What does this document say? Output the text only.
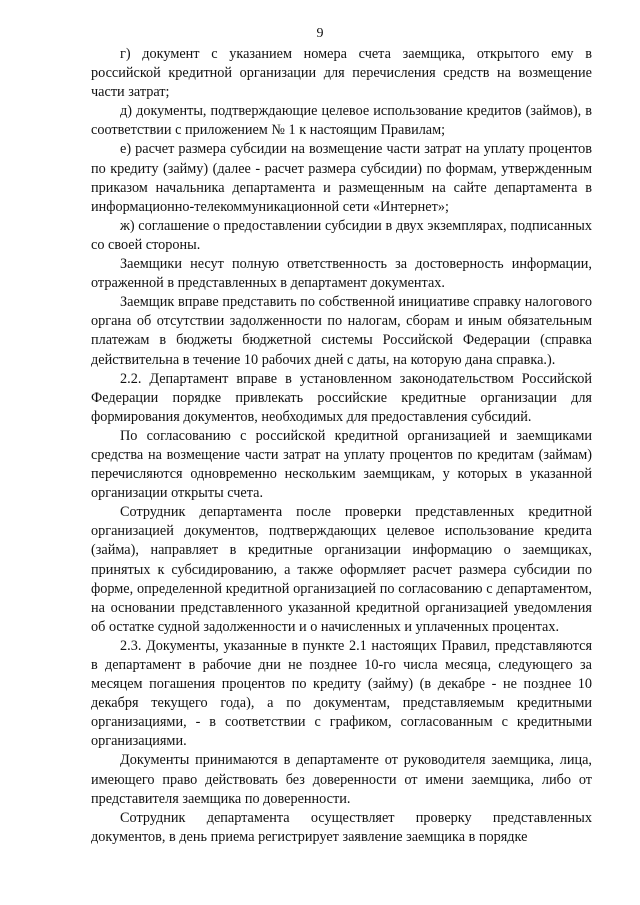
9

г) документ с указанием номера счета заемщика, открытого ему в российской кредитной организации для перечисления средств на возмещение части затрат;

д) документы, подтверждающие целевое использование кредитов (займов), в соответствии с приложением № 1 к настоящим Правилам;

е) расчет размера субсидии на возмещение части затрат на уплату процентов по кредиту (займу) (далее - расчет размера субсидии) по формам, утвержденным приказом начальника департамента и размещенным на сайте департамента в информационно-телекоммуникационной сети «Интернет»;

ж) соглашение о предоставлении субсидии в двух экземплярах, подписанных со своей стороны.

Заемщики несут полную ответственность за достоверность информации, отраженной в представленных в департамент документах.

Заемщик вправе представить по собственной инициативе справку налогового органа об отсутствии задолженности по налогам, сборам и иным обязательным платежам в бюджеты бюджетной системы Российской Федерации (справка действительна в течение 10 рабочих дней с даты, на которую дана справка.).

2.2. Департамент вправе в установленном законодательством Российской Федерации порядке привлекать российские кредитные организации для формирования документов, необходимых для предоставления субсидий.

По согласованию с российской кредитной организацией и заемщиками средства на возмещение части затрат на уплату процентов по кредитам (займам) перечисляются одновременно нескольким заемщикам, у которых в указанной организации открыты счета.

Сотрудник департамента после проверки представленных кредитной организацией документов, подтверждающих целевое использование кредита (займа), направляет в кредитные организации информацию о заемщиках, принятых к субсидированию, а также оформляет расчет размера субсидии по форме, определенной кредитной организацией по согласованию с департаментом, на основании представленного указанной кредитной организацией уведомления об остатке судной задолженности и о начисленных и уплаченных процентах.

2.3. Документы, указанные в пункте 2.1 настоящих Правил, представляются в департамент в рабочие дни не позднее 10-го числа месяца, следующего за месяцем погашения процентов по кредиту (займу) (в декабре - не позднее 10 декабря текущего года), а по документам, представляемым кредитными организациями, - в соответствии с графиком, согласованным с кредитными организациями.

Документы принимаются в департаменте от руководителя заемщика, лица, имеющего право действовать без доверенности от имени заемщика, либо от представителя заемщика по доверенности.

Сотрудник департамента осуществляет проверку представленных документов, в день приема регистрирует заявление заемщика в порядке
